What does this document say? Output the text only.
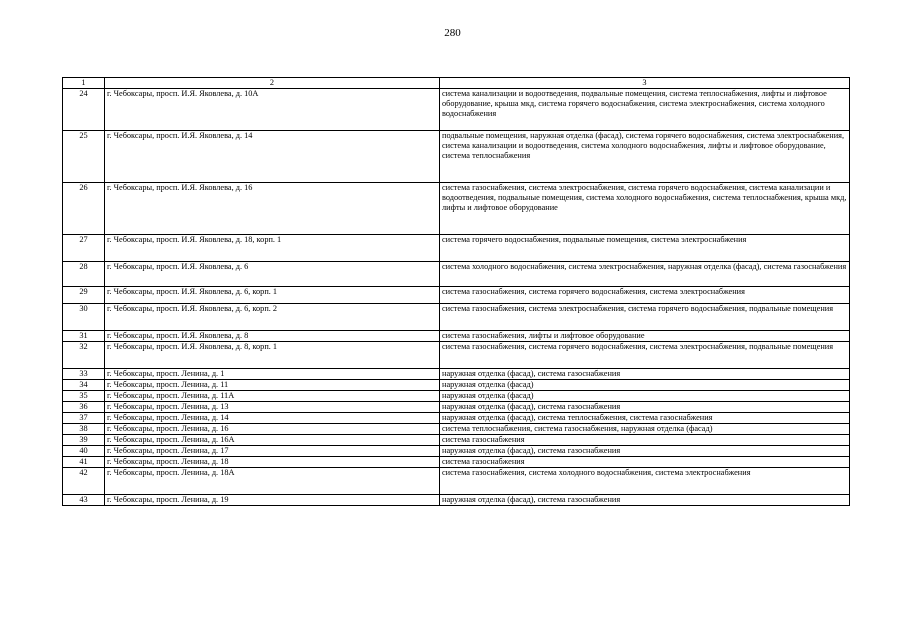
280
1	2	3
24	г. Чебоксары, просп. И.Я. Яковлева, д. 10А	система канализации и водоотведения, подвальные помещения, система теплоснабжения, лифты и лифтовое оборудование, крыша мкд, система горячего водоснабжения, система электроснабжения, система холодного водоснабжения
25	г. Чебоксары, просп. И.Я. Яковлева, д. 14	подвальные помещения, наружная отделка (фасад), система горячего водоснабжения, система электроснабжения, система канализации и водоотведения, система холодного водоснабжения, лифты и лифтовое оборудование, система теплоснабжения
26	г. Чебоксары, просп. И.Я. Яковлева, д. 16	система газоснабжения, система электроснабжения, система горячего водоснабжения, система канализации и водоотведения, подвальные помещения, система холодного водоснабжения, система теплоснабжения, крыша мкд, лифты и лифтовое оборудование
27	г. Чебоксары, просп. И.Я. Яковлева, д. 18, корп. 1	система горячего водоснабжения, подвальные помещения, система электроснабжения
28	г. Чебоксары, просп. И.Я. Яковлева, д. 6	система холодного водоснабжения, система электроснабжения, наружная отделка (фасад), система газоснабжения
29	г. Чебоксары, просп. И.Я. Яковлева, д. 6, корп. 1	система газоснабжения, система горячего водоснабжения, система электроснабжения
30	г. Чебоксары, просп. И.Я. Яковлева, д. 6, корп. 2	система газоснабжения, система электроснабжения, система горячего водоснабжения, подвальные помещения
31	г. Чебоксары, просп. И.Я. Яковлева, д. 8	система газоснабжения, лифты и лифтовое оборудование
32	г. Чебоксары, просп. И.Я. Яковлева, д. 8, корп. 1	система газоснабжения, система горячего водоснабжения, система электроснабжения, подвальные помещения
33	г. Чебоксары, просп. Ленина, д. 1	наружная отделка (фасад), система газоснабжения
34	г. Чебоксары, просп. Ленина, д. 11	наружная отделка (фасад)
35	г. Чебоксары, просп. Ленина, д. 11А	наружная отделка (фасад)
36	г. Чебоксары, просп. Ленина, д. 13	наружная отделка (фасад), система газоснабжения
37	г. Чебоксары, просп. Ленина, д. 14	наружная отделка (фасад), система теплоснабжения, система газоснабжения
38	г. Чебоксары, просп. Ленина, д. 16	система теплоснабжения, система газоснабжения, наружная отделка (фасад)
39	г. Чебоксары, просп. Ленина, д. 16А	система газоснабжения
40	г. Чебоксары, просп. Ленина, д. 17	наружная отделка (фасад), система газоснабжения
41	г. Чебоксары, просп. Ленина, д. 18	система газоснабжения
42	г. Чебоксары, просп. Ленина, д. 18А	система газоснабжения, система холодного водоснабжения, система электроснабжения
43	г. Чебоксары, просп. Ленина, д. 19	наружная отделка (фасад), система газоснабжения
